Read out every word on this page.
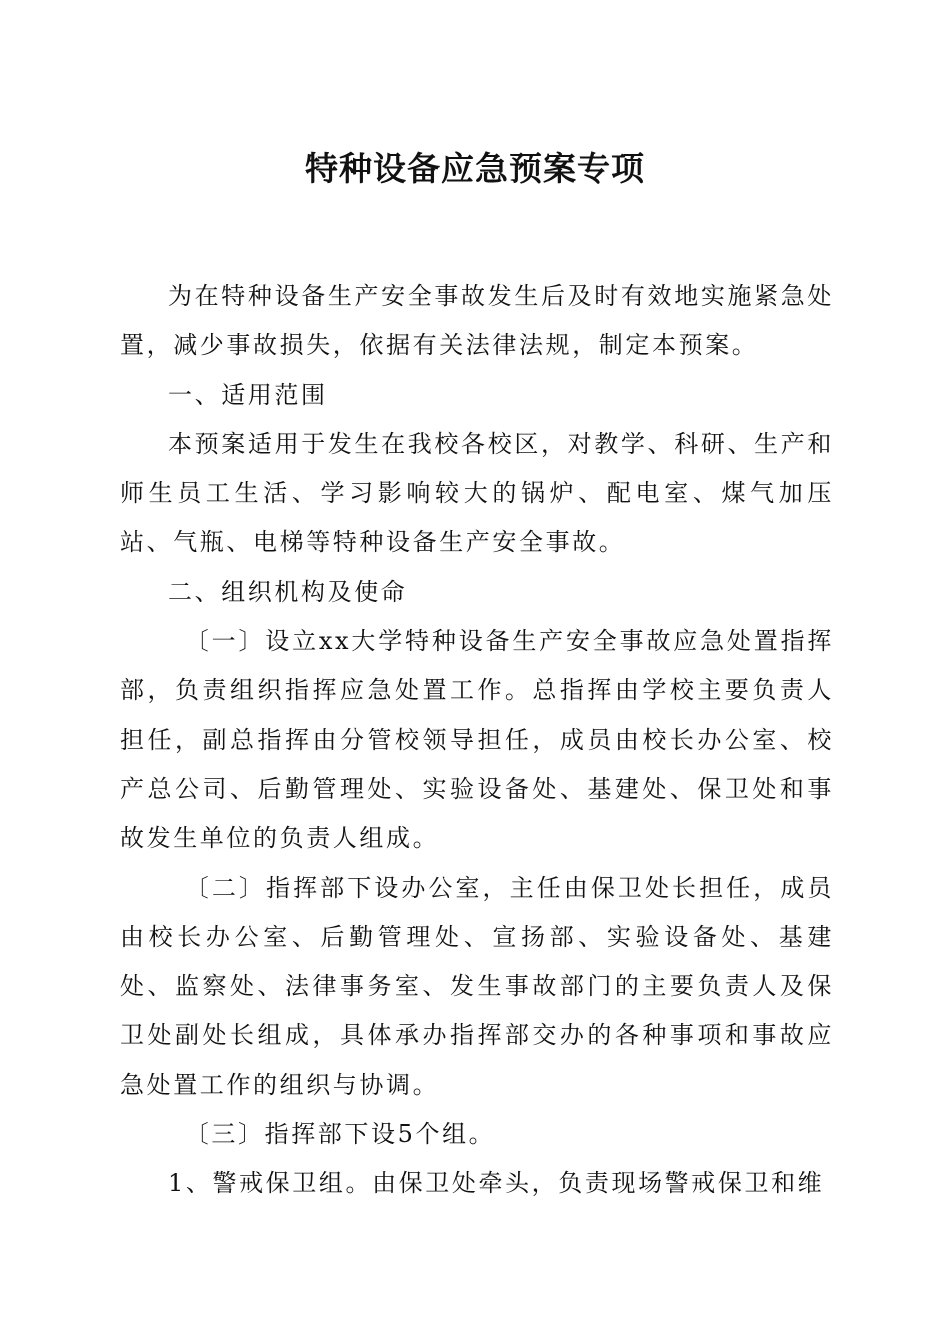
特种设备应急预案专项

为在特种设备生产安全事故发生后及时有效地实施紧急处置，减少事故损失，依据有关法律法规，制定本预案。

一、适用范围

本预案适用于发生在我校各校区，对教学、科研、生产和师生员工生活、学习影响较大的锅炉、配电室、煤气加压站、气瓶、电梯等特种设备生产安全事故。

二、组织机构及使命

〔一〕设立xx大学特种设备生产安全事故应急处置指挥部，负责组织指挥应急处置工作。总指挥由学校主要负责人担任，副总指挥由分管校领导担任，成员由校长办公室、校产总公司、后勤管理处、实验设备处、基建处、保卫处和事故发生单位的负责人组成。

〔二〕指挥部下设办公室，主任由保卫处长担任，成员由校长办公室、后勤管理处、宣扬部、实验设备处、基建处、监察处、法律事务室、发生事故部门的主要负责人及保卫处副处长组成，具体承办指挥部交办的各种事项和事故应急处置工作的组织与协调。

〔三〕指挥部下设5个组。

1、警戒保卫组。由保卫处牵头，负责现场警戒保卫和维
